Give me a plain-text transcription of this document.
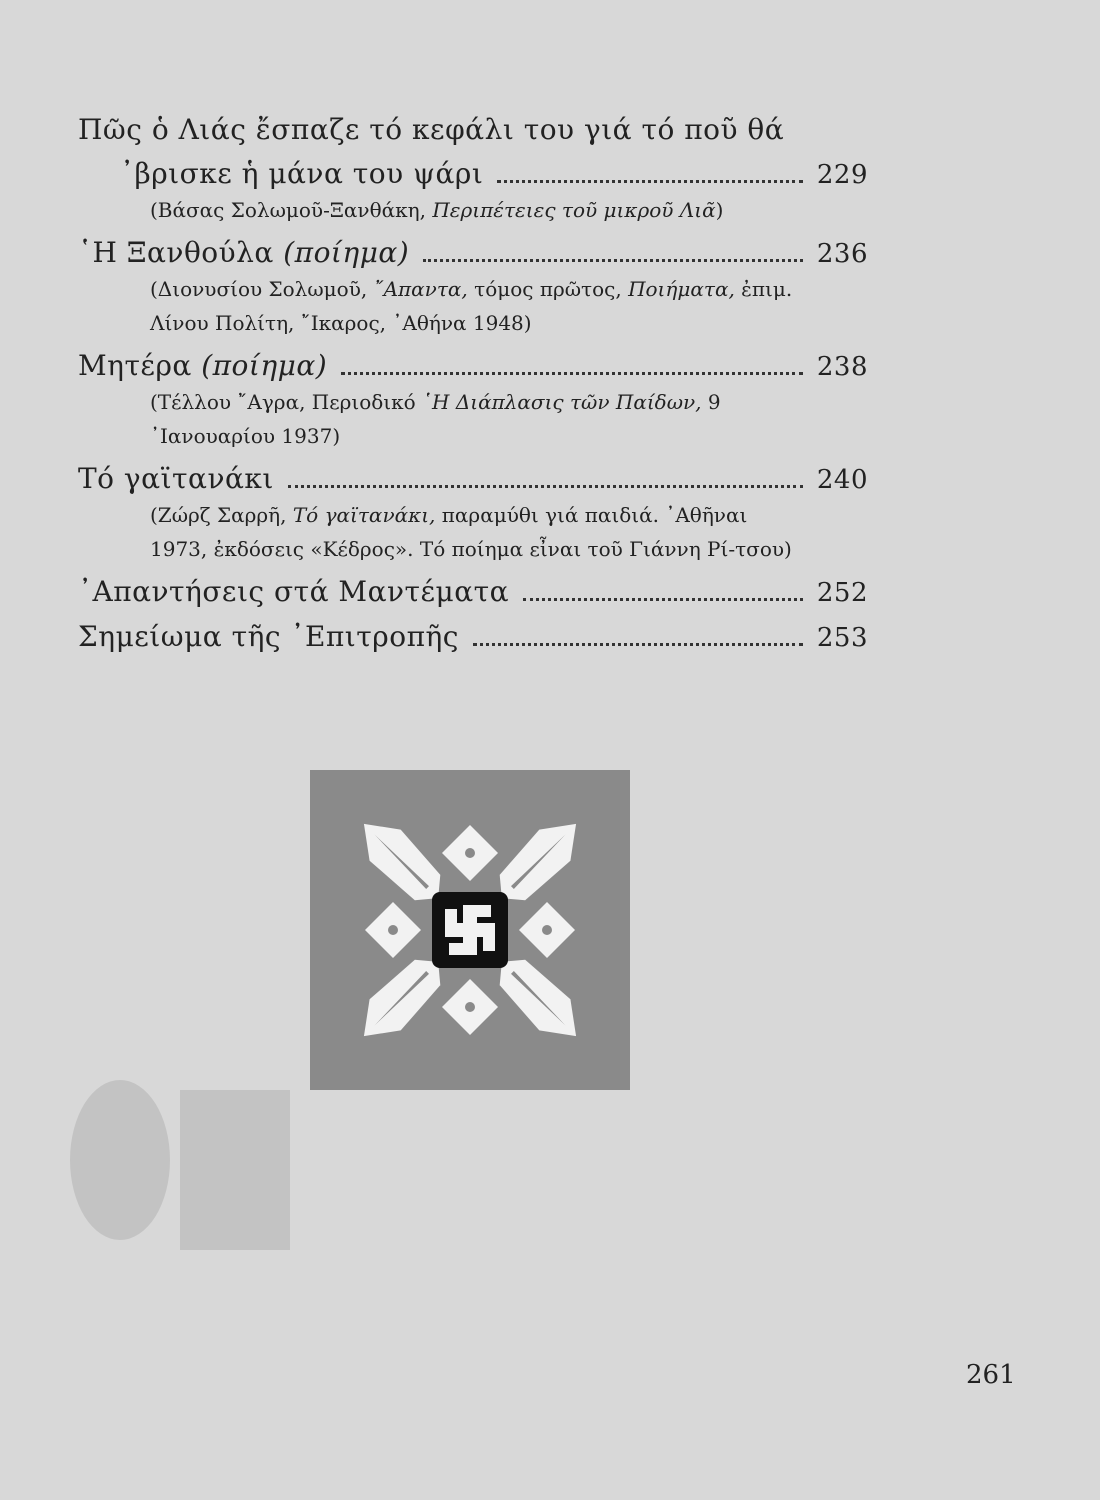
Πῶς ὁ Λιάς ἔσπαζε τό κεφάλι του γιά τό ποῦ θά
᾿βρισκε ἡ μάνα του ψάρι	229
(Βάσας Σολωμοῦ-Ξανθάκη, Περιπέτειες τοῦ μικροῦ Λιᾶ)
῾Η Ξανθούλα
(ποίημα)	236
(Διονυσίου Σολωμοῦ, ῎Απαντα, τόμος πρῶτος, Ποιήματα, ἐπιμ. Λίνου Πολίτη, ῎Ικαρος, ᾿Αθήνα 1948)
Μητέρα
(ποίημα)	238
(Τέλλου ῎Αγρα, Περιοδικό ῾Η Διάπλασις τῶν Παίδων, 9 ᾿Ιανουαρίου 1937)
Τό γαϊτανάκι	240
(Ζώρζ Σαρρῆ, Τό γαϊτανάκι, παραμύθι γιά παιδιά. ᾿Αθῆναι 1973, ἐκδόσεις «Κέδρος». Τό ποίημα εἶναι τοῦ Γιάννη Ρί-τσου)
᾿Απαντήσεις στά Μαντέματα	252
Σημείωμα τῆς ᾿Επιτροπῆς	253
261
